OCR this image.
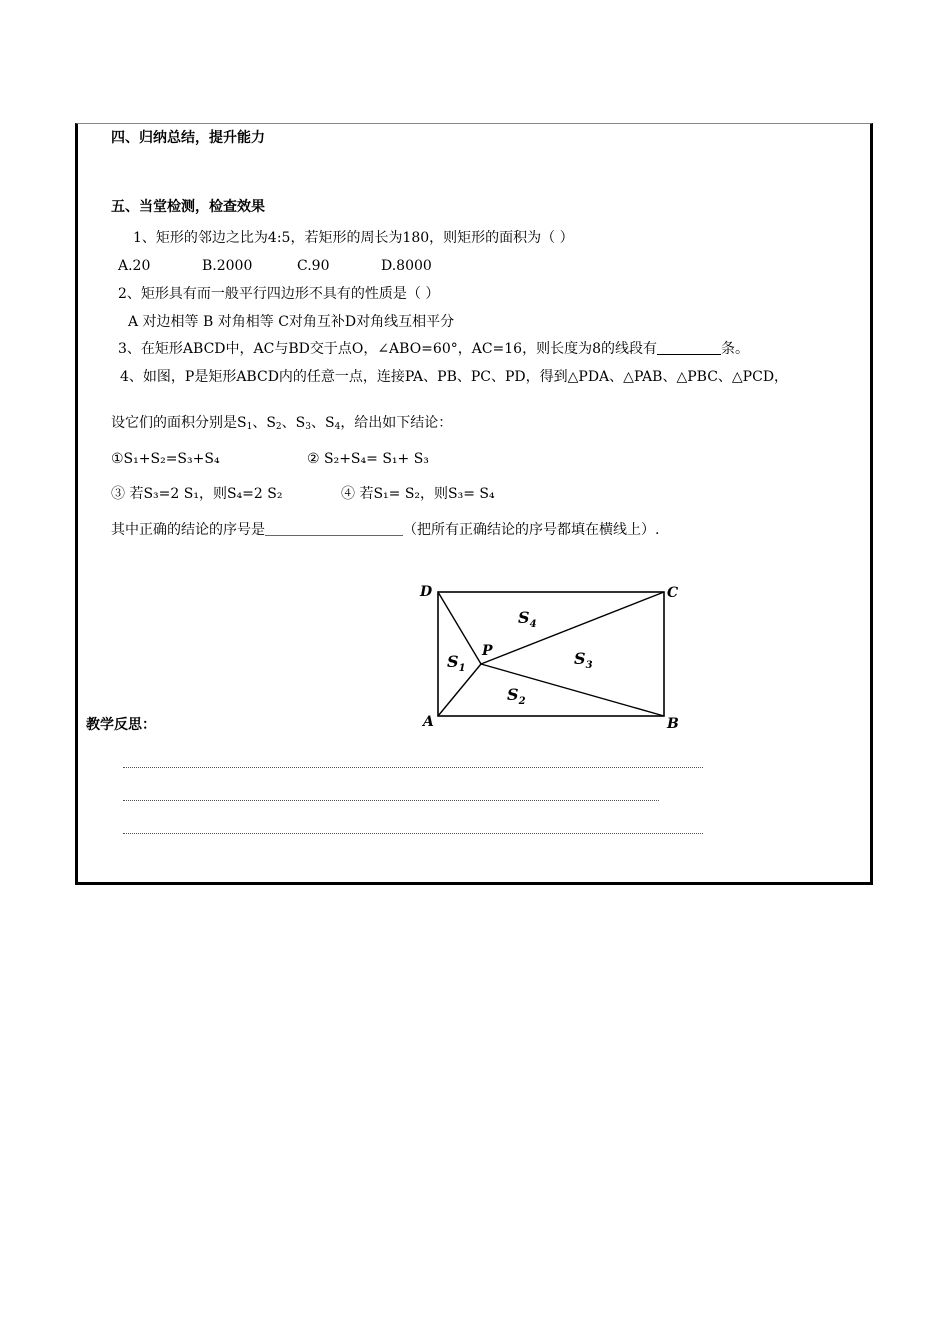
四、归纳总结，提升能力
五、当堂检测，检查效果
1、矩形的邻边之比为4:5，若矩形的周长为180，则矩形的面积为（ ）
A.20	B.2000	C.90	D.8000
2、矩形具有而一般平行四边形不具有的性质是（ ）
A 对边相等 B 对角相等 C对角互补D对角线互相平分
3、在矩形ABCD中，AC与BD交于点O，∠ABO=60°，AC=16，则长度为8的线段有	条。
4、如图，P是矩形ABCD内的任意一点，连接PA、PB、PC、PD，得到△PDA、△PAB、△PBC、△PCD，
设它们的面积分别是$S_1$、$S_2$、$S_3$、$S_4$，给出如下结论：
①S₁+S₂=S₃+S₄	② S₂+S₄= S₁+ S₃
③ 若S₃=2 S₁，则S₄=2 S₂	④ 若S₁= S₂，则S₃= S₄
其中正确的结论的序号是	（把所有正确结论的序号都填在横线上）.
D	C
A	B
P
$S_4$
$S_1$
$S_3$
$S_2$
教学反思：
